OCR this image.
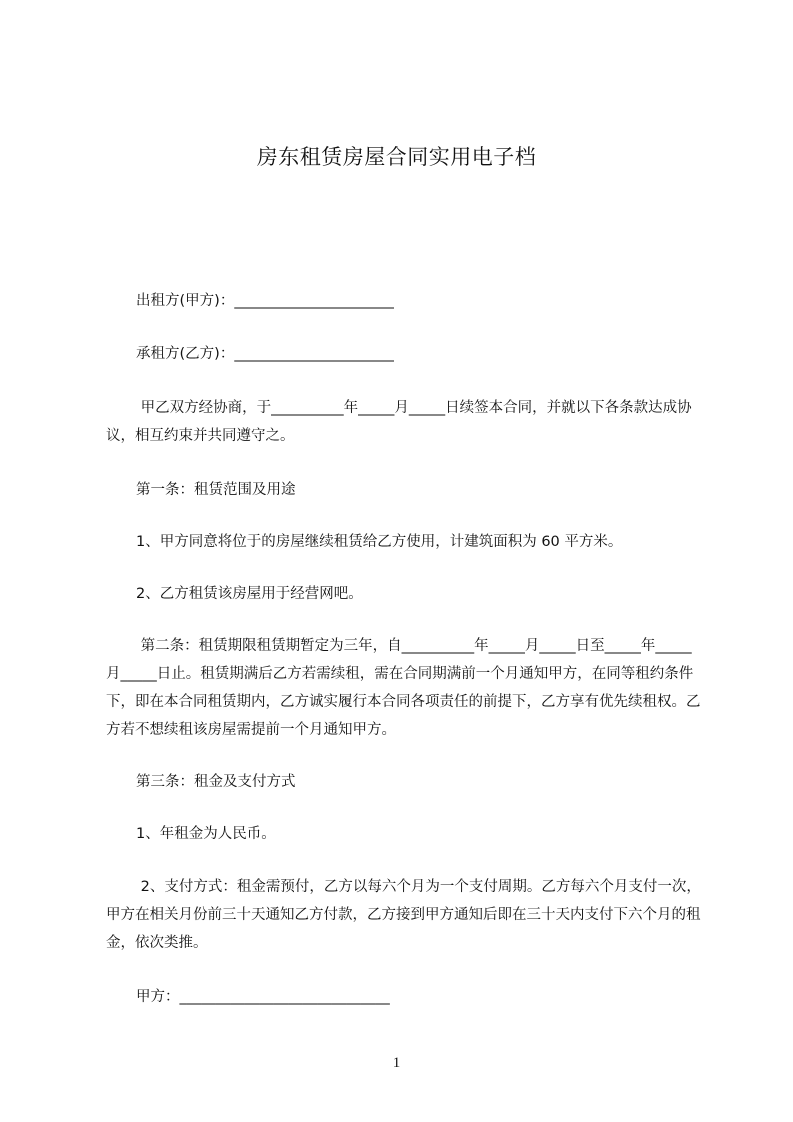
房东租赁房屋合同实用电子档
出租方(甲方)：______________________
承租方(乙方)：______________________
甲乙双方经协商，于__________年_____月_____日续签本合同，并就以下各条款达成协议，相互约束并共同遵守之。
第一条：租赁范围及用途
1、甲方同意将位于的房屋继续租赁给乙方使用，计建筑面积为 60 平方米。
2、乙方租赁该房屋用于经营网吧。
第二条：租赁期限租赁期暂定为三年，自__________年_____月_____日至_____年_____月_____日止。租赁期满后乙方若需续租，需在合同期满前一个月通知甲方，在同等租约条件下，即在本合同租赁期内，乙方诚实履行本合同各项责任的前提下，乙方享有优先续租权。乙方若不想续租该房屋需提前一个月通知甲方。
第三条：租金及支付方式
1、年租金为人民币。
2、支付方式：租金需预付，乙方以每六个月为一个支付周期。乙方每六个月支付一次，甲方在相关月份前三十天通知乙方付款，乙方接到甲方通知后即在三十天内支付下六个月的租金，依次类推。
甲方：_____________________________
1
